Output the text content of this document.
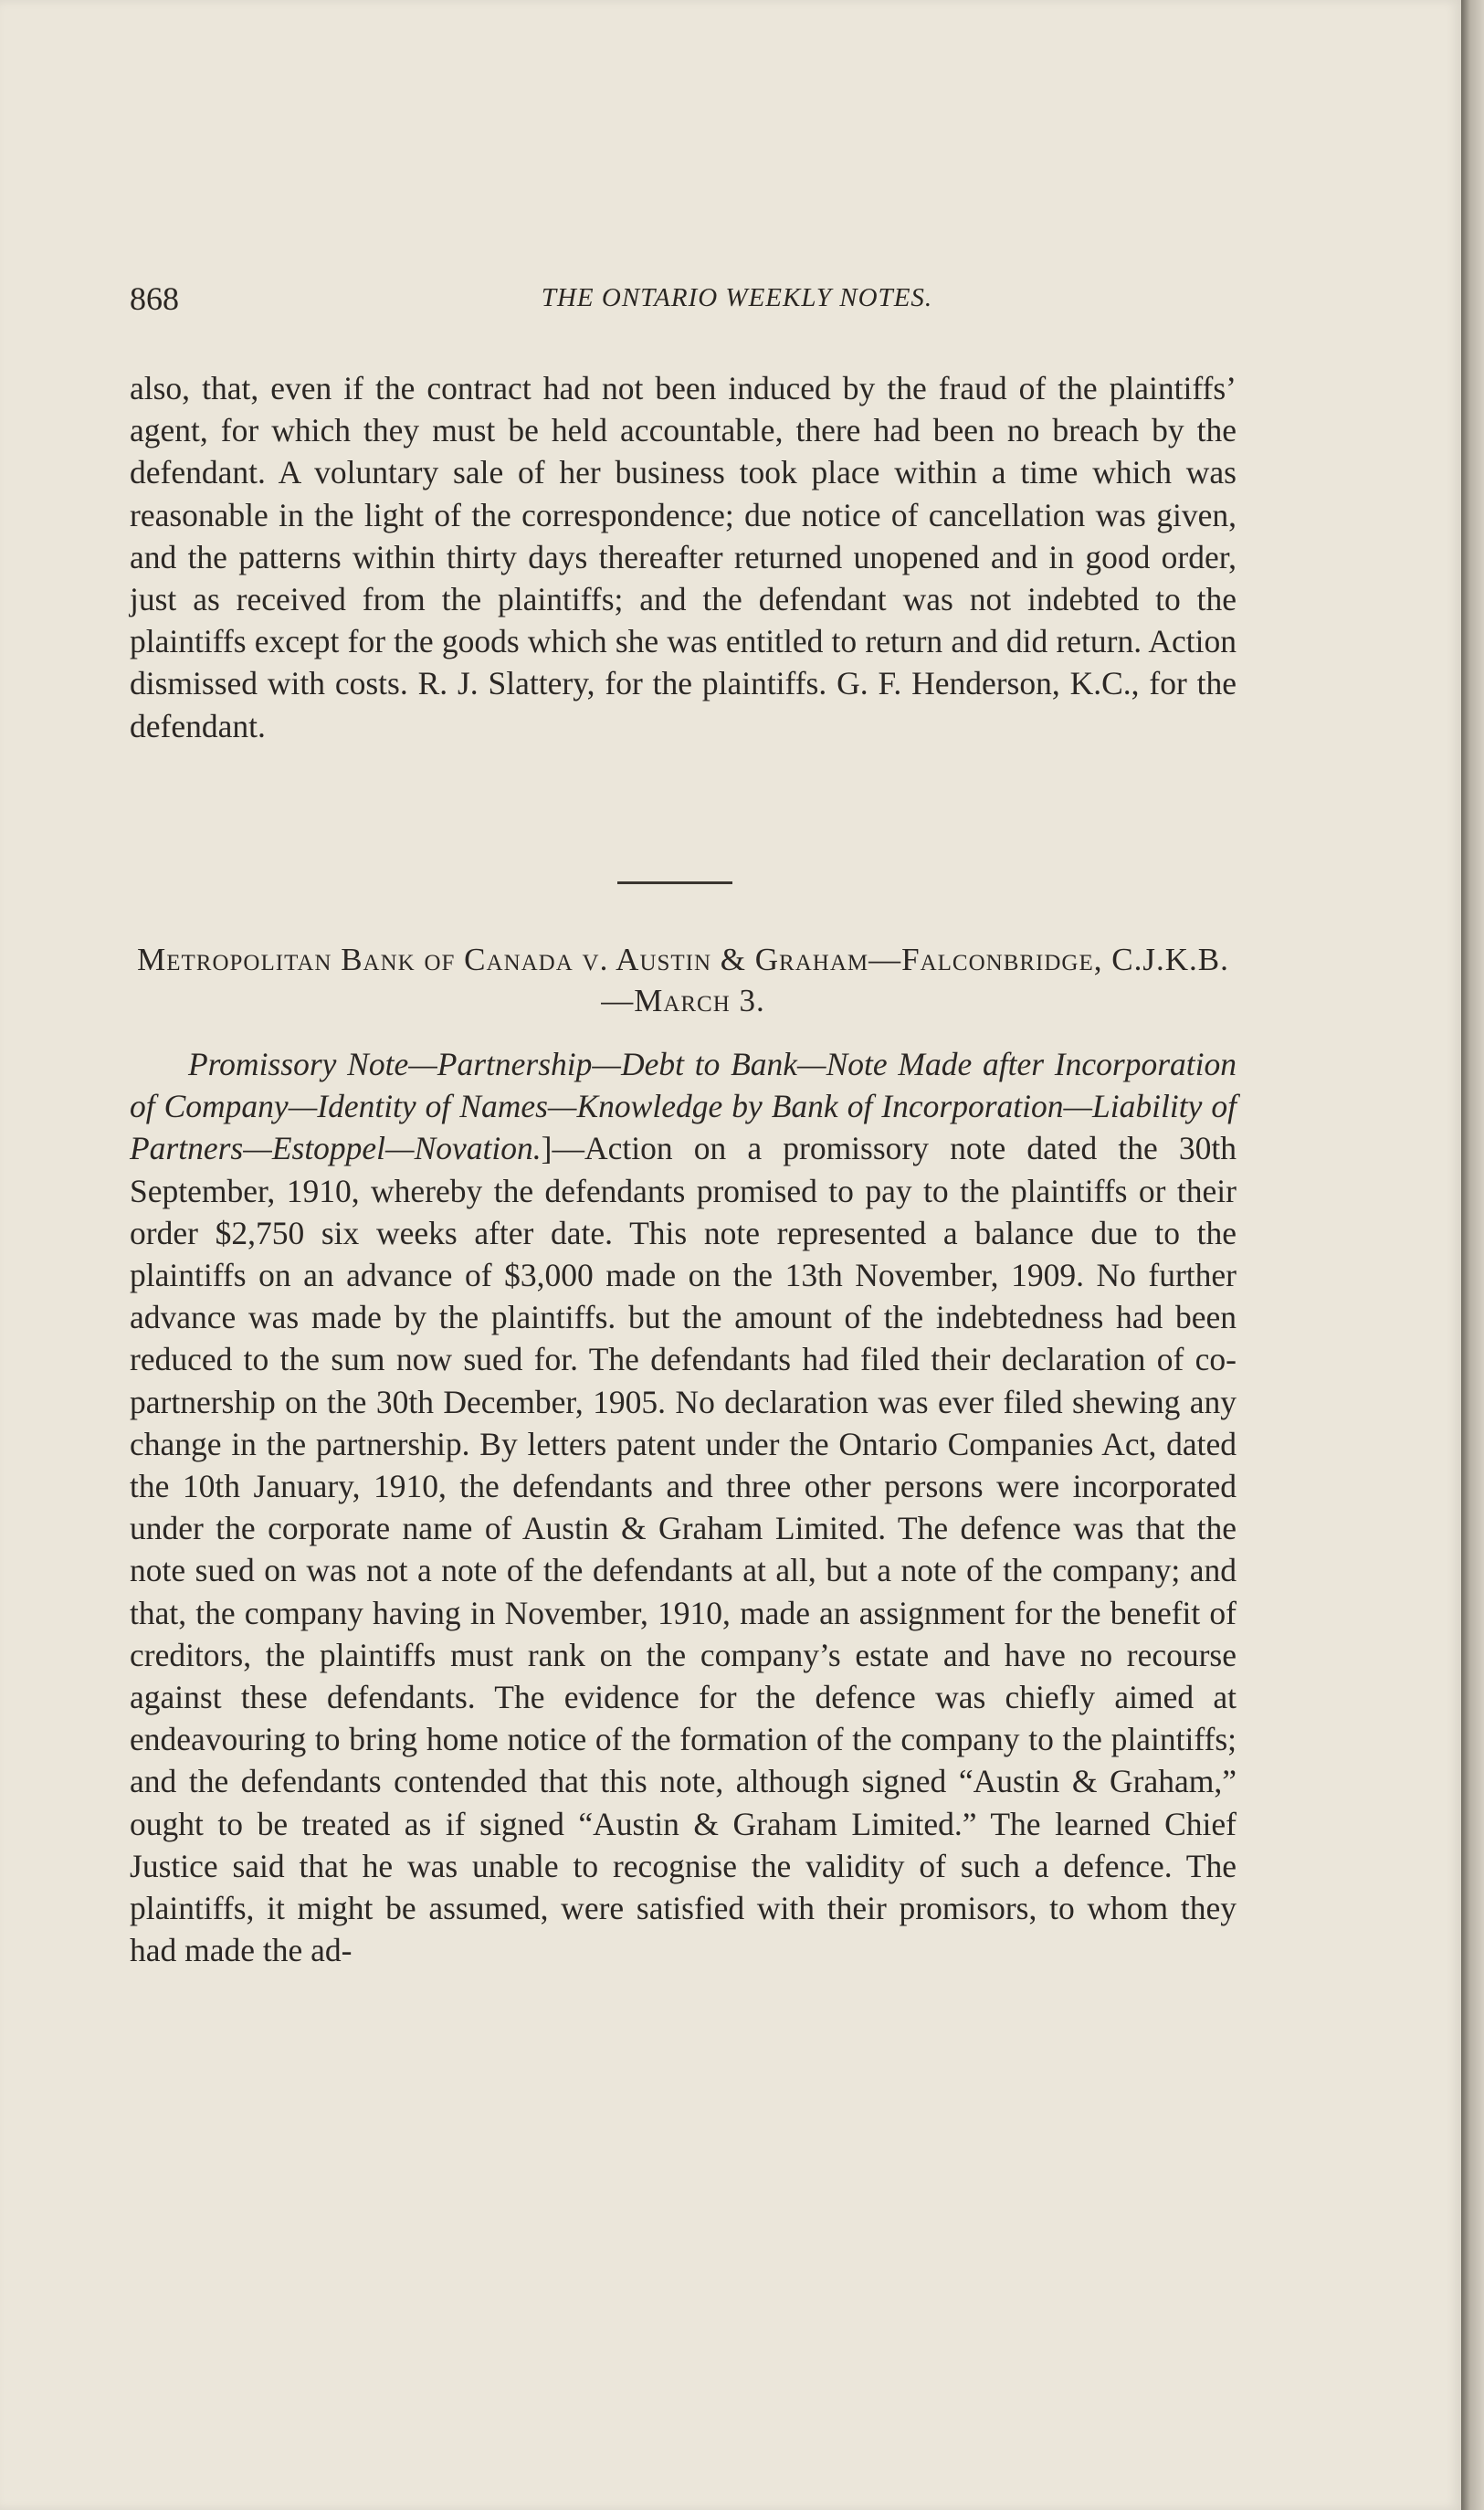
868	THE ONTARIO WEEKLY NOTES.

also, that, even if the contract had not been induced by the fraud of the plaintiffs’ agent, for which they must be held accountable, there had been no breach by the defendant. A voluntary sale of her business took place within a time which was reasonable in the light of the correspondence; due notice of cancellation was given, and the patterns within thirty days thereafter returned unopened and in good order, just as received from the plaintiffs; and the defendant was not indebted to the plaintiffs except for the goods which she was entitled to return and did return. Action dismissed with costs. R. J. Slattery, for the plaintiffs. G. F. Henderson, K.C., for the defendant.

Metropolitan Bank of Canada v. Austin & Graham—Falconbridge, C.J.K.B.—March 3.

Promissory Note—Partnership—Debt to Bank—Note Made after Incorporation of Company—Identity of Names—Knowledge by Bank of Incorporation—Liability of Partners—Estoppel—Novation.]—Action on a promissory note dated the 30th September, 1910, whereby the defendants promised to pay to the plaintiffs or their order $2,750 six weeks after date. This note represented a balance due to the plaintiffs on an advance of $3,000 made on the 13th November, 1909. No further advance was made by the plaintiffs. but the amount of the indebtedness had been reduced to the sum now sued for. The defendants had filed their declaration of co-partnership on the 30th December, 1905. No declaration was ever filed shewing any change in the partnership. By letters patent under the Ontario Companies Act, dated the 10th January, 1910, the defendants and three other persons were incorporated under the corporate name of Austin & Graham Limited. The defence was that the note sued on was not a note of the defendants at all, but a note of the company; and that, the company having in November, 1910, made an assignment for the benefit of creditors, the plaintiffs must rank on the company’s estate and have no recourse against these defendants. The evidence for the defence was chiefly aimed at endeavouring to bring home notice of the formation of the company to the plaintiffs; and the defendants contended that this note, although signed “Austin & Graham,” ought to be treated as if signed “Austin & Graham Limited.” The learned Chief Justice said that he was unable to recognise the validity of such a defence. The plaintiffs, it might be assumed, were satisfied with their promisors, to whom they had made the ad-
